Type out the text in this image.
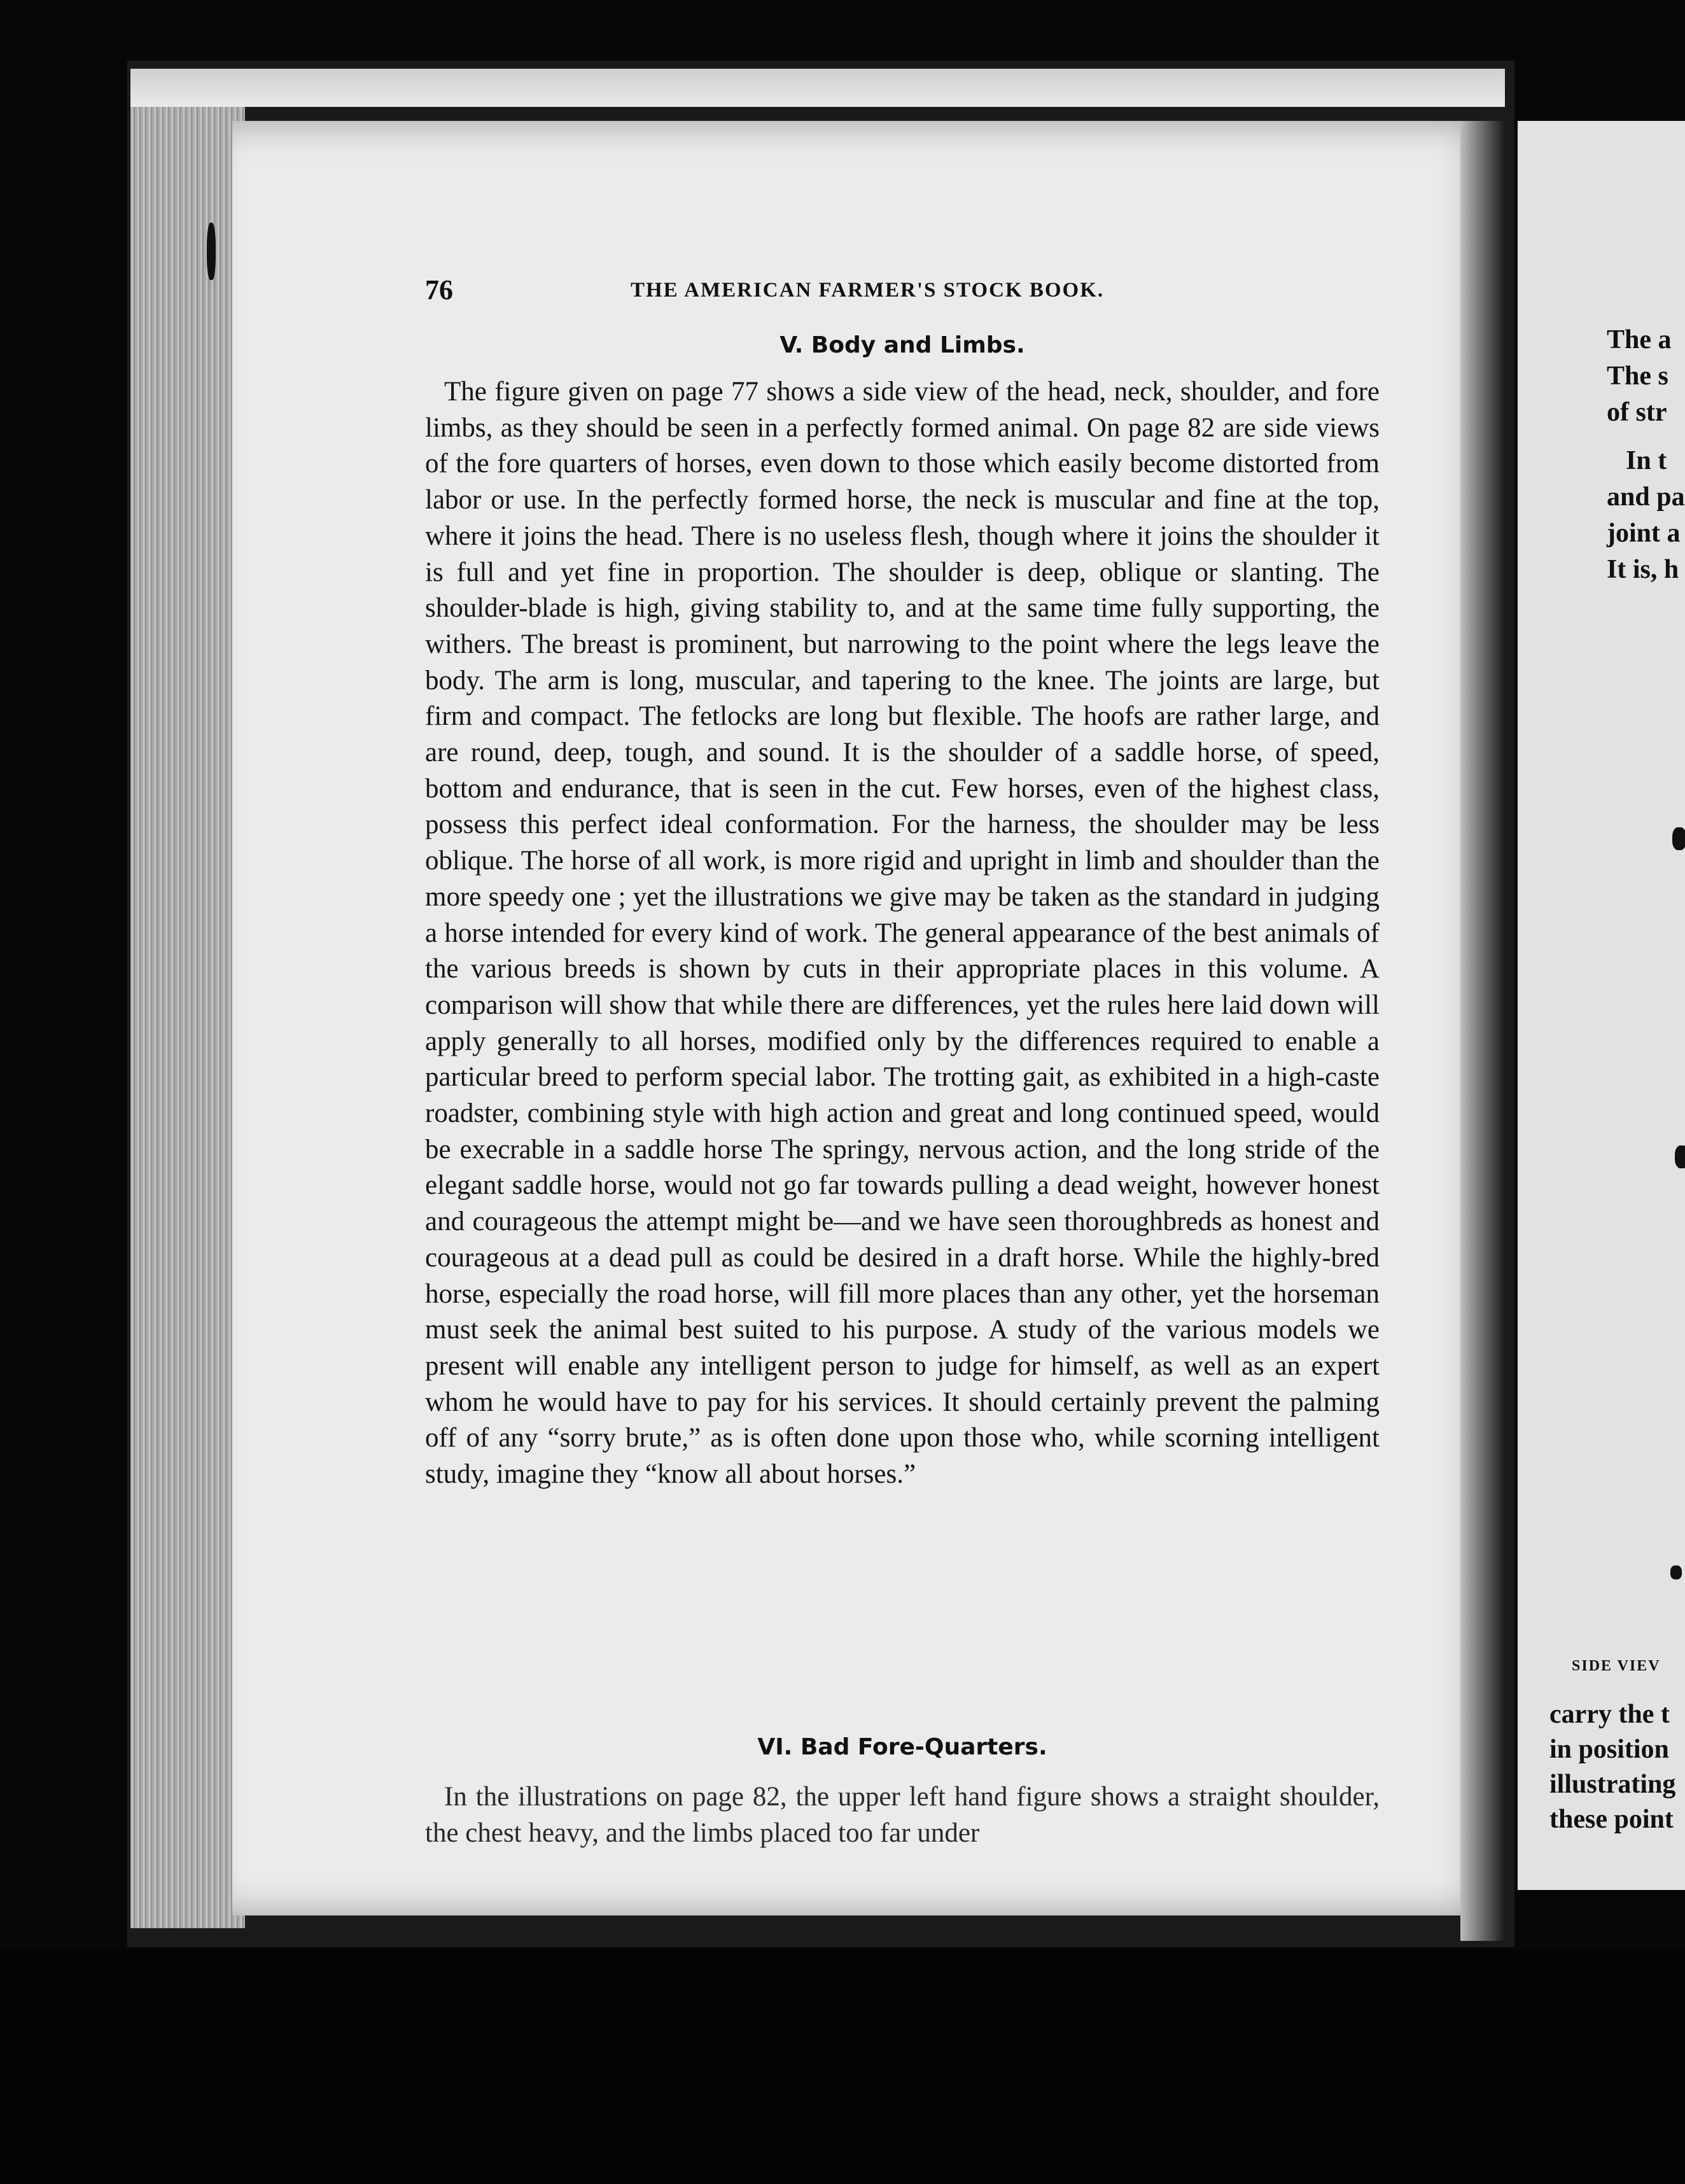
76	THE AMERICAN FARMER'S STOCK BOOK.
V. Body and Limbs.

The figure given on page 77 shows a side view of the head, neck, shoulder, and fore limbs, as they should be seen in a perfectly formed animal. On page 82 are side views of the fore quarters of horses, even down to those which easily become distorted from labor or use. In the perfectly formed horse, the neck is muscular and fine at the top, where it joins the head. There is no useless flesh, though where it joins the shoulder it is full and yet fine in proportion. The shoulder is deep, oblique or slanting. The shoulder-blade is high, giving stability to, and at the same time fully supporting, the withers. The breast is prominent, but narrowing to the point where the legs leave the body. The arm is long, muscular, and tapering to the knee. The joints are large, but firm and compact. The fetlocks are long but flexible. The hoofs are rather large, and are round, deep, tough, and sound. It is the shoulder of a saddle horse, of speed, bottom and endurance, that is seen in the cut. Few horses, even of the highest class, possess this perfect ideal conformation. For the harness, the shoulder may be less oblique. The horse of all work, is more rigid and upright in limb and shoulder than the more speedy one ; yet the illustrations we give may be taken as the standard in judging a horse intended for every kind of work. The general appearance of the best animals of the various breeds is shown by cuts in their appropriate places in this volume. A comparison will show that while there are differences, yet the rules here laid down will apply generally to all horses, modified only by the differences required to enable a particular breed to perform special labor. The trotting gait, as exhibited in a high-caste roadster, combining style with high action and great and long continued speed, would be execrable in a saddle horse The springy, nervous action, and the long stride of the elegant saddle horse, would not go far towards pulling a dead weight, however honest and courageous the attempt might be—and we have seen thoroughbreds as honest and courageous at a dead pull as could be desired in a draft horse. While the highly-bred horse, especially the road horse, will fill more places than any other, yet the horseman must seek the animal best suited to his purpose. A study of the various models we present will enable any intelligent person to judge for himself, as well as an expert whom he would have to pay for his services. It should certainly prevent the palming off of any “sorry brute,” as is often done upon those who, while scorning intelligent study, imagine they “know all about horses.”

VI. Bad Fore-Quarters.

In the illustrations on page 82, the upper left hand figure shows a straight shoulder, the chest heavy, and the limbs placed too far under

The a
The s
of str
In t
and pa
joint a
It is, h
SIDE VIEV
carry the t
in position
illustrating
these point
